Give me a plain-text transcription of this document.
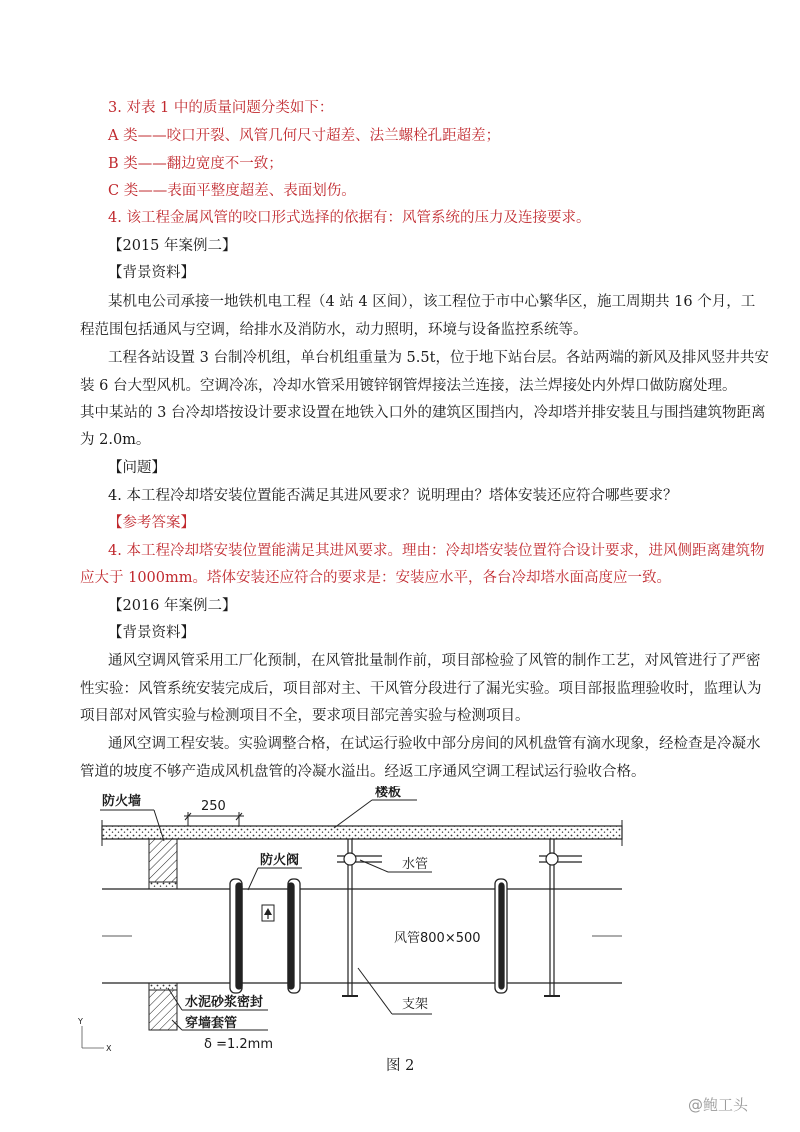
3. 对表 1 中的质量问题分类如下：
A 类——咬口开裂、风管几何尺寸超差、法兰螺栓孔距超差；
B 类——翻边宽度不一致；
C 类——表面平整度超差、表面划伤。
4. 该工程金属风管的咬口形式选择的依据有：风管系统的压力及连接要求。
【2015 年案例二】
【背景资料】
某机电公司承接一地铁机电工程（4 站 4 区间），该工程位于市中心繁华区，施工周期共 16 个月，工
程范围包括通风与空调，给排水及消防水，动力照明，环境与设备监控系统等。
工程各站设置 3 台制冷机组，单台机组重量为 5.5t，位于地下站台层。各站两端的新风及排风竖井共安
装 6 台大型风机。空调冷冻，冷却水管采用镀锌钢管焊接法兰连接，法兰焊接处内外焊口做防腐处理。
其中某站的 3 台冷却塔按设计要求设置在地铁入口外的建筑区围挡内，冷却塔并排安装且与围挡建筑物距离
为 2.0m。
【问题】
4. 本工程冷却塔安装位置能否满足其进风要求？说明理由？塔体安装还应符合哪些要求？
【参考答案】
4. 本工程冷却塔安装位置能满足其进风要求。理由：冷却塔安装位置符合设计要求，进风侧距离建筑物
应大于 1000mm。塔体安装还应符合的要求是：安装应水平，各台冷却塔水面高度应一致。
【2016 年案例二】
【背景资料】
通风空调风管采用工厂化预制，在风管批量制作前，项目部检验了风管的制作工艺，对风管进行了严密
性实验：风管系统安装完成后，项目部对主、干风管分段进行了漏光实验。项目部报监理验收时，监理认为
项目部对风管实验与检测项目不全，要求项目部完善实验与检测项目。
通风空调工程安装。实验调整合格，在试运行验收中部分房间的风机盘管有滴水现象，经检查是冷凝水
管道的坡度不够产造成风机盘管的冷凝水溢出。经返工序通风空调工程试运行验收合格。
250
防火墙
楼板
防火阀	水管
风管800×500
支架
水泥砂浆密封
穿墙套管
δ =1.2mm
Y
X
图 2
@鲍工头
